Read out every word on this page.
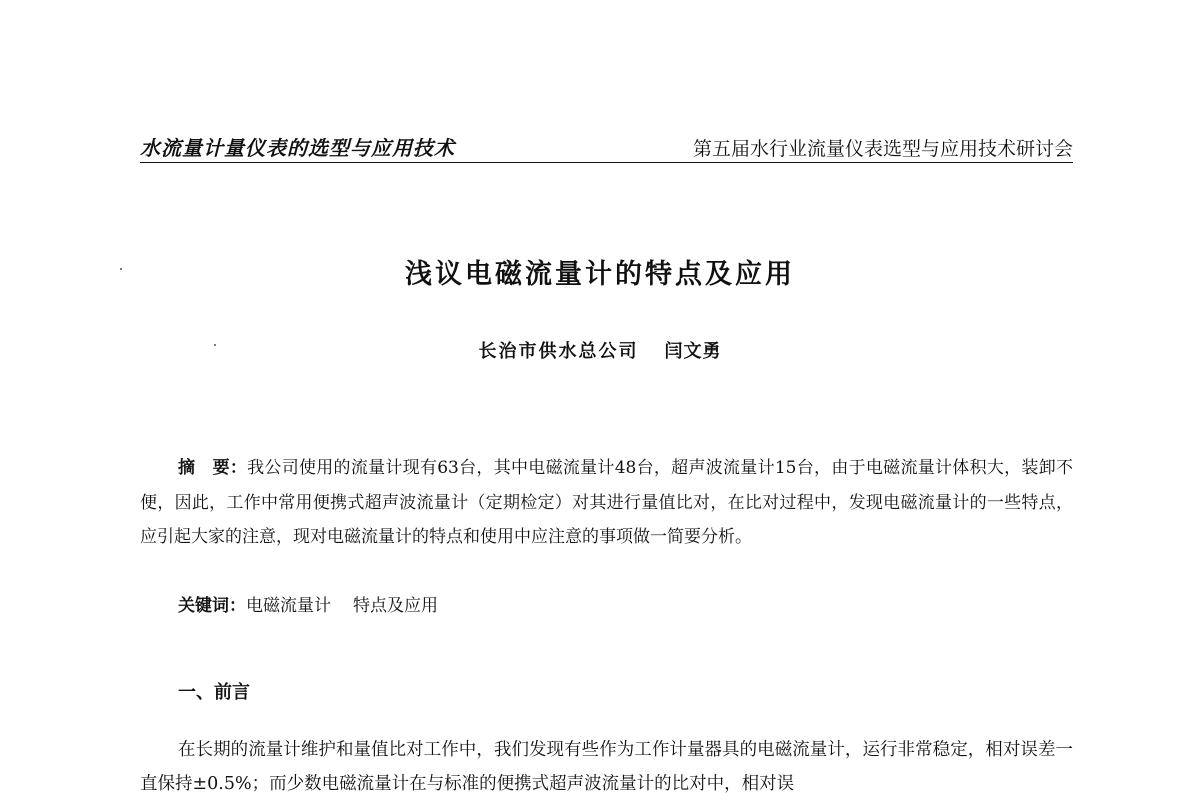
水流量计量仪表的选型与应用技术	第五届水行业流量仪表选型与应用技术研讨会
浅议电磁流量计的特点及应用
长治市供水总公司 闫文勇

摘　要：我公司使用的流量计现有63台，其中电磁流量计48台，超声波流量计15台，由于电磁流量计体积大，装卸不便，因此，工作中常用便携式超声波流量计（定期检定）对其进行量值比对，在比对过程中，发现电磁流量计的一些特点，应引起大家的注意，现对电磁流量计的特点和使用中应注意的事项做一简要分析。

关键词：电磁流量计 特点及应用
一、前言

在长期的流量计维护和量值比对工作中，我们发现有些作为工作计量器具的电磁流量计，运行非常稳定，相对误差一直保持±0.5%；而少数电磁流量计在与标准的便携式超声波流量计的比对中，相对误
